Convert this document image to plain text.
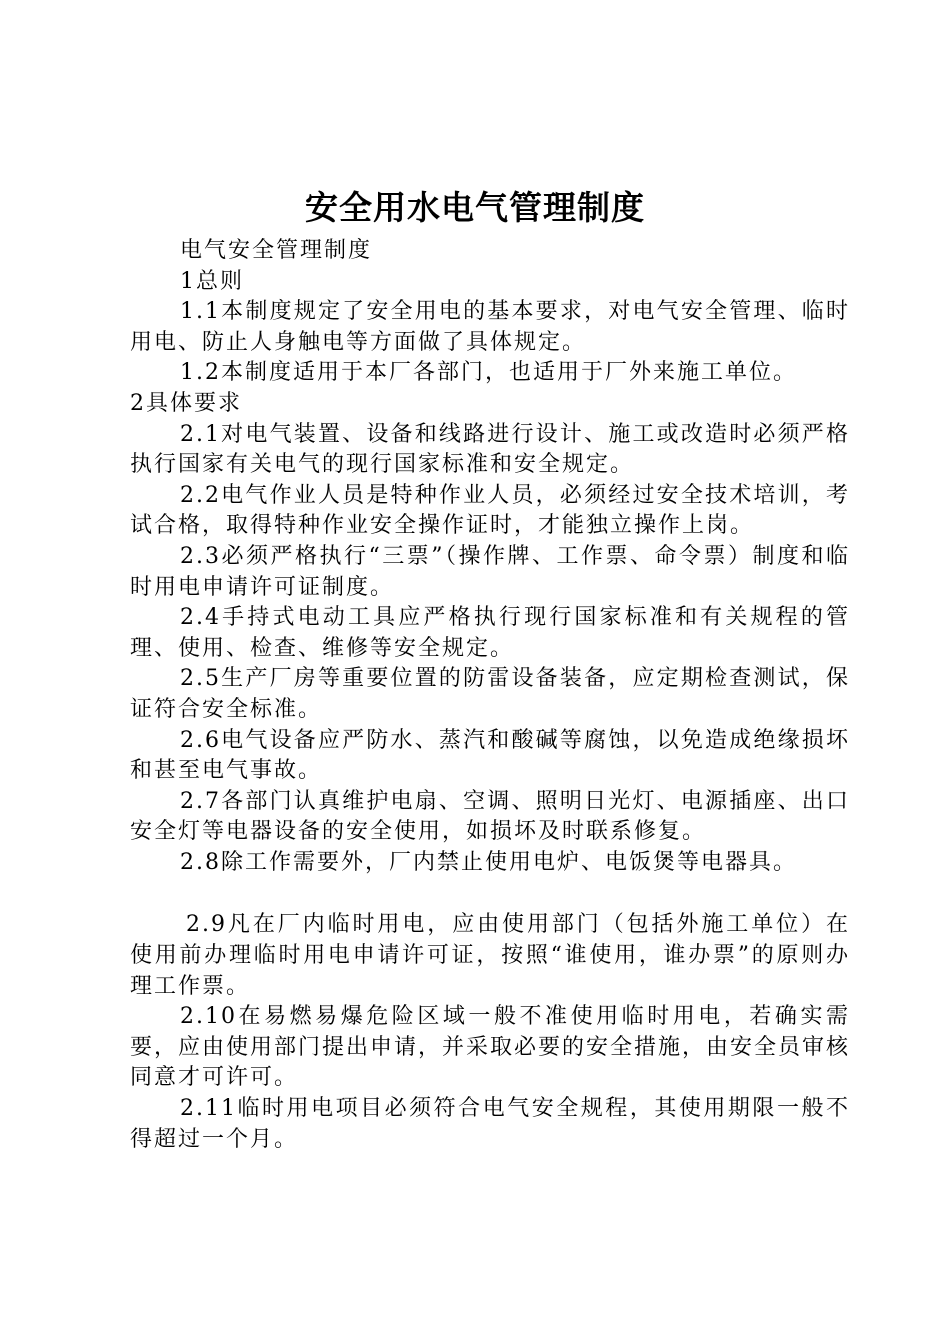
安全用水电气管理制度

电气安全管理制度

1总则

1.1本制度规定了安全用电的基本要求，对电气安全管理、临时用电、防止人身触电等方面做了具体规定。

1.2本制度适用于本厂各部门，也适用于厂外来施工单位。

2具体要求

2.1对电气装置、设备和线路进行设计、施工或改造时必须严格执行国家有关电气的现行国家标准和安全规定。

2.2电气作业人员是特种作业人员，必须经过安全技术培训，考试合格，取得特种作业安全操作证时，才能独立操作上岗。

2.3必须严格执行“三票”（操作牌、工作票、命令票）制度和临时用电申请许可证制度。

2.4手持式电动工具应严格执行现行国家标准和有关规程的管理、使用、检查、维修等安全规定。

2.5生产厂房等重要位置的防雷设备装备，应定期检查测试，保证符合安全标准。

2.6电气设备应严防水、蒸汽和酸碱等腐蚀，以免造成绝缘损坏和甚至电气事故。

2.7各部门认真维护电扇、空调、照明日光灯、电源插座、出口安全灯等电器设备的安全使用，如损坏及时联系修复。

2.8除工作需要外，厂内禁止使用电炉、电饭煲等电器具。

2.9凡在厂内临时用电，应由使用部门（包括外施工单位）在使用前办理临时用电申请许可证，按照“谁使用，谁办票”的原则办理工作票。

2.10在易燃易爆危险区域一般不准使用临时用电，若确实需要，应由使用部门提出申请，并采取必要的安全措施，由安全员审核同意才可许可。

2.11临时用电项目必须符合电气安全规程，其使用期限一般不得超过一个月。
